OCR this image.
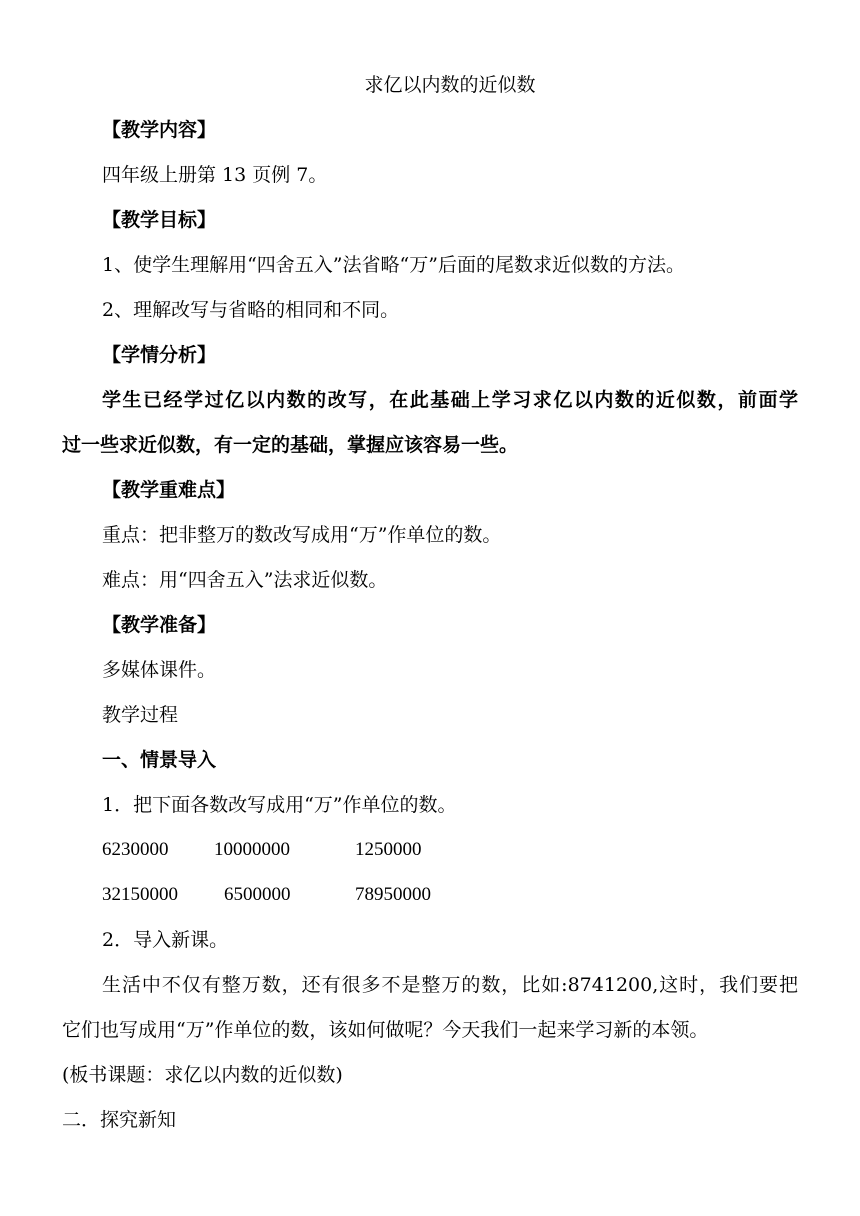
求亿以内数的近似数
【教学内容】
四年级上册第 13 页例 7。
【教学目标】
1、使学生理解用“四舍五入”法省略“万”后面的尾数求近似数的方法。
2、理解改写与省略的相同和不同。
【学情分析】
学生已经学过亿以内数的改写，在此基础上学习求亿以内数的近似数，前面学
过一些求近似数，有一定的基础，掌握应该容易一些。
【教学重难点】
重点：把非整万的数改写成用“万”作单位的数。
难点：用“四舍五入”法求近似数。
【教学准备】
多媒体课件。
教学过程
一、情景导入
1．把下面各数改写成用“万”作单位的数。
6230000 10000000	1250000
32150000 6500000	78950000
2．导入新课。
生活中不仅有整万数，还有很多不是整万的数，比如:8741200,这时，我们要把
它们也写成用“万”作单位的数，该如何做呢？今天我们一起来学习新的本领。
(板书课题：求亿以内数的近似数)
二．探究新知
